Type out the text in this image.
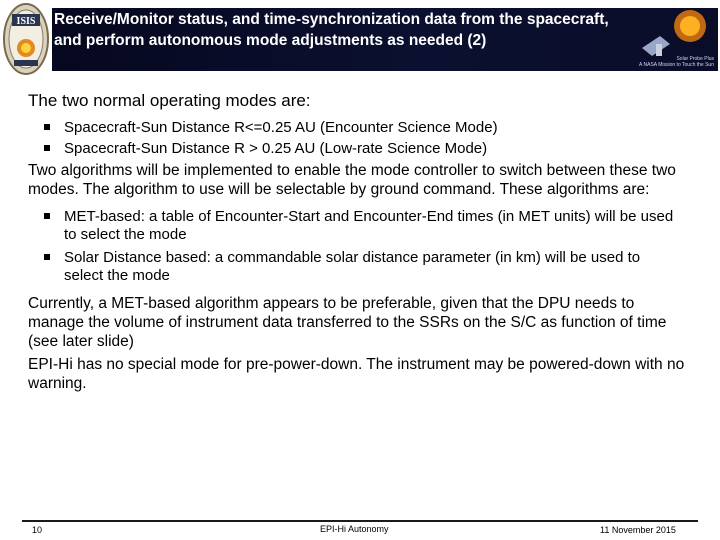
ISIS Receive/Monitor status, and time-synchronization data from the spacecraft, and perform autonomous mode adjustments as needed (2)
Solar Probe Plus
A NASA Mission to Touch the Sun

The two normal operating modes are:

Spacecraft-Sun Distance R<=0.25 AU (Encounter Science Mode)
Spacecraft-Sun Distance R > 0.25 AU (Low-rate Science Mode)

Two algorithms will be implemented to enable the mode controller to switch between these two modes. The algorithm to use will be selectable by ground command. These algorithms are:

MET-based: a table of Encounter-Start and Encounter-End times (in MET units) will be used to select the mode
Solar Distance based: a commandable solar distance parameter (in km) will be used to select the mode

Currently, a MET-based algorithm appears to be preferable, given that the DPU needs to manage the volume of instrument data transferred to the SSRs on the S/C as function of time (see later slide)

EPI-Hi has no special mode for pre-power-down. The instrument may be powered-down with no warning.

10	EPI-Hi Autonomy	11 November 2015
